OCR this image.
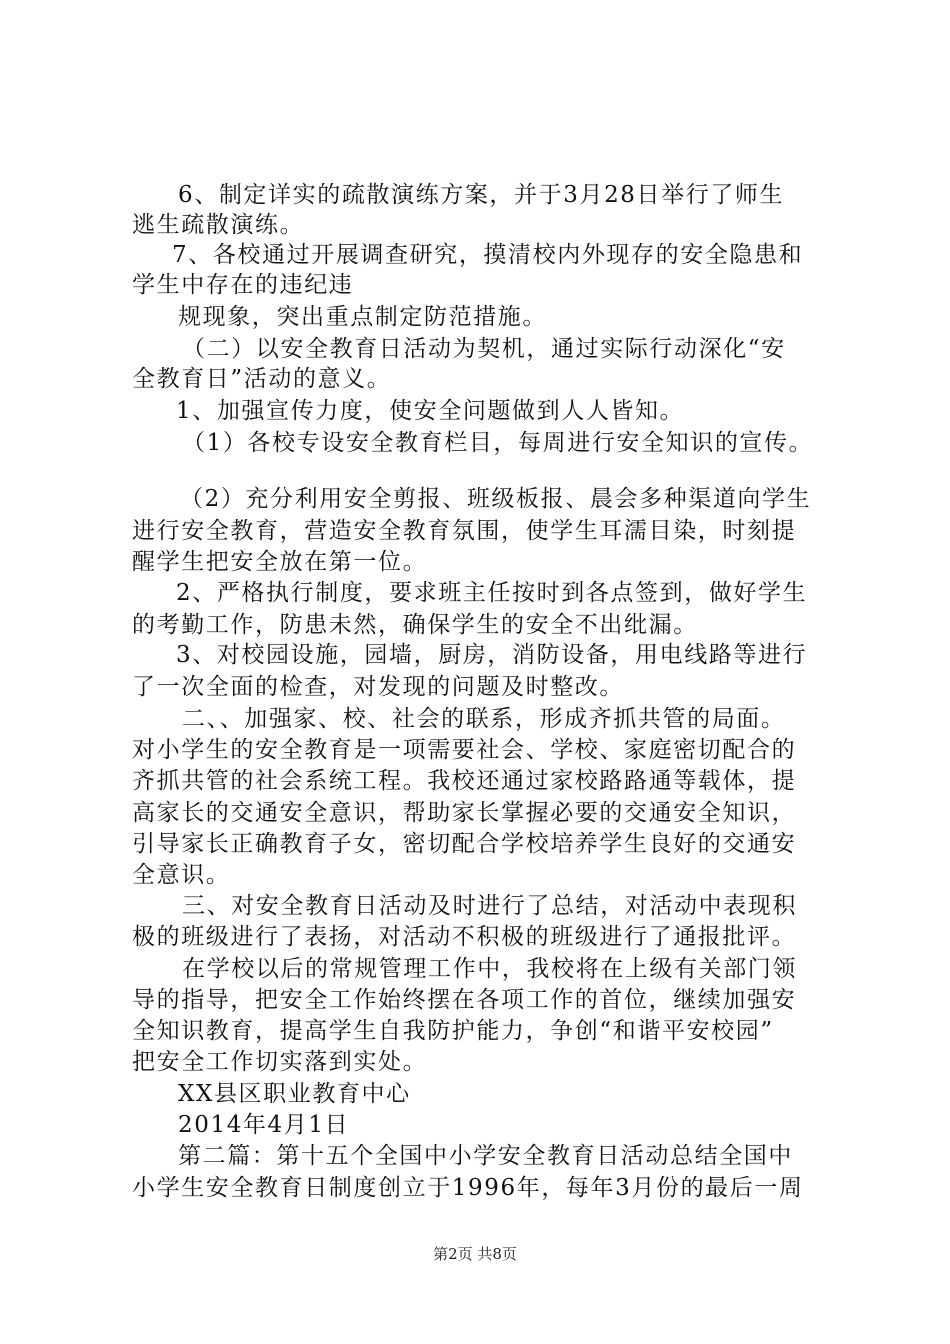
6、制定详实的疏散演练方案，并于3月28日举行了师生
逃生疏散演练。
7、各校通过开展调查研究，摸清校内外现存的安全隐患和
学生中存在的违纪违
规现象，突出重点制定防范措施。
（二）以安全教育日活动为契机，通过实际行动深化“安
全教育日”活动的意义。
1、加强宣传力度，使安全问题做到人人皆知。
（1）各校专设安全教育栏目，每周进行安全知识的宣传。
（2）充分利用安全剪报、班级板报、晨会多种渠道向学生
进行安全教育，营造安全教育氛围，使学生耳濡目染，时刻提
醒学生把安全放在第一位。
2、严格执行制度，要求班主任按时到各点签到，做好学生
的考勤工作，防患未然，确保学生的安全不出纰漏。
3、对校园设施，园墙，厨房，消防设备，用电线路等进行
了一次全面的检查，对发现的问题及时整改。
二、、加强家、校、社会的联系，形成齐抓共管的局面。
对小学生的安全教育是一项需要社会、学校、家庭密切配合的
齐抓共管的社会系统工程。我校还通过家校路路通等载体，提
高家长的交通安全意识，帮助家长掌握必要的交通安全知识，
引导家长正确教育子女，密切配合学校培养学生良好的交通安
全意识。
三、对安全教育日活动及时进行了总结，对活动中表现积
极的班级进行了表扬，对活动不积极的班级进行了通报批评。
在学校以后的常规管理工作中，我校将在上级有关部门领
导的指导，把安全工作始终摆在各项工作的首位，继续加强安
全知识教育，提高学生自我防护能力，争创“和谐平安校园”
把安全工作切实落到实处。
XX县区职业教育中心
2014年4月1日
第二篇：第十五个全国中小学安全教育日活动总结全国中
小学生安全教育日制度创立于1996年，每年3月份的最后一周
第2页 共8页
